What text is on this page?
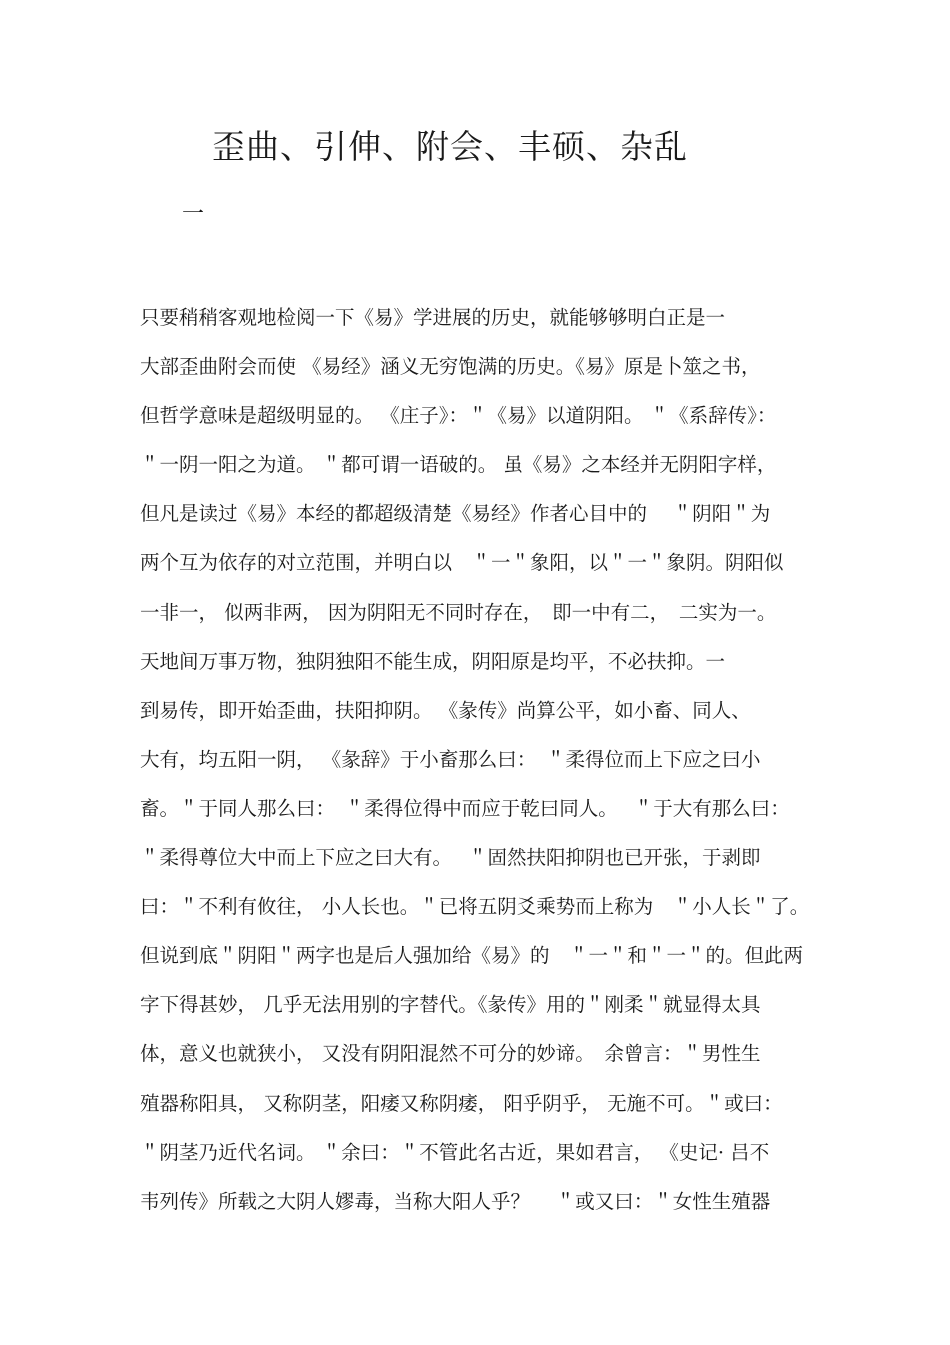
歪曲、引伸、附会、丰硕、杂乱
一
只要稍稍客观地检阅一下《易》学进展的历史，就能够够明白正是一
大部歪曲附会而使 《易经》涵义无穷饱满的历史。《易》原是卜筮之书，
但哲学意味是超级明显的。 《庄子》：＂《易》以道阴阳。 ＂《系辞传》：
＂一阴一阳之为道。 ＂都可谓一语破的。 虽《易》之本经并无阴阳字样，
但凡是读过《易》本经的都超级清楚《易经》作者心目中的　 ＂阴阳＂为
两个互为依存的对立范围，并明白以　＂一＂象阳，以＂一＂象阴。阴阳似
一非一， 似两非两， 因为阴阳无不同时存在，　即一中有二，　二实为一。
天地间万事万物，独阴独阳不能生成，阴阳原是均平，不必扶抑。一
到易传，即开始歪曲，扶阳抑阴。 《彖传》尚算公平，如小畜、同人、
大有，均五阳一阴， 《彖辞》于小畜那么曰：　＂柔得位而上下应之曰小
畜。＂于同人那么曰：　＂柔得位得中而应于乾曰同人。　 ＂于大有那么曰：
＂柔得尊位大中而上下应之曰大有。　 ＂固然扶阳抑阴也已开张，于剥即
曰：＂不利有攸往， 小人长也。＂已将五阴爻乘势而上称为　＂小人长＂了。
但说到底＂阴阳＂两字也是后人强加给《易》的　＂一＂和＂一＂的。但此两
字下得甚妙， 几乎无法用别的字替代。《彖传》用的＂刚柔＂就显得太具
体，意义也就狭小， 又没有阴阳混然不可分的妙谛。　余曾言：＂男性生
殖器称阳具， 又称阴茎，阳痿又称阴痿， 阳乎阴乎， 无施不可。＂或曰：
＂阴茎乃近代名词。 ＂余曰：＂不管此名古近，果如君言， 《史记· 吕不
韦列传》所载之大阴人嫪毒，当称大阳人乎？　 ＂或又曰：＂女性生殖器
